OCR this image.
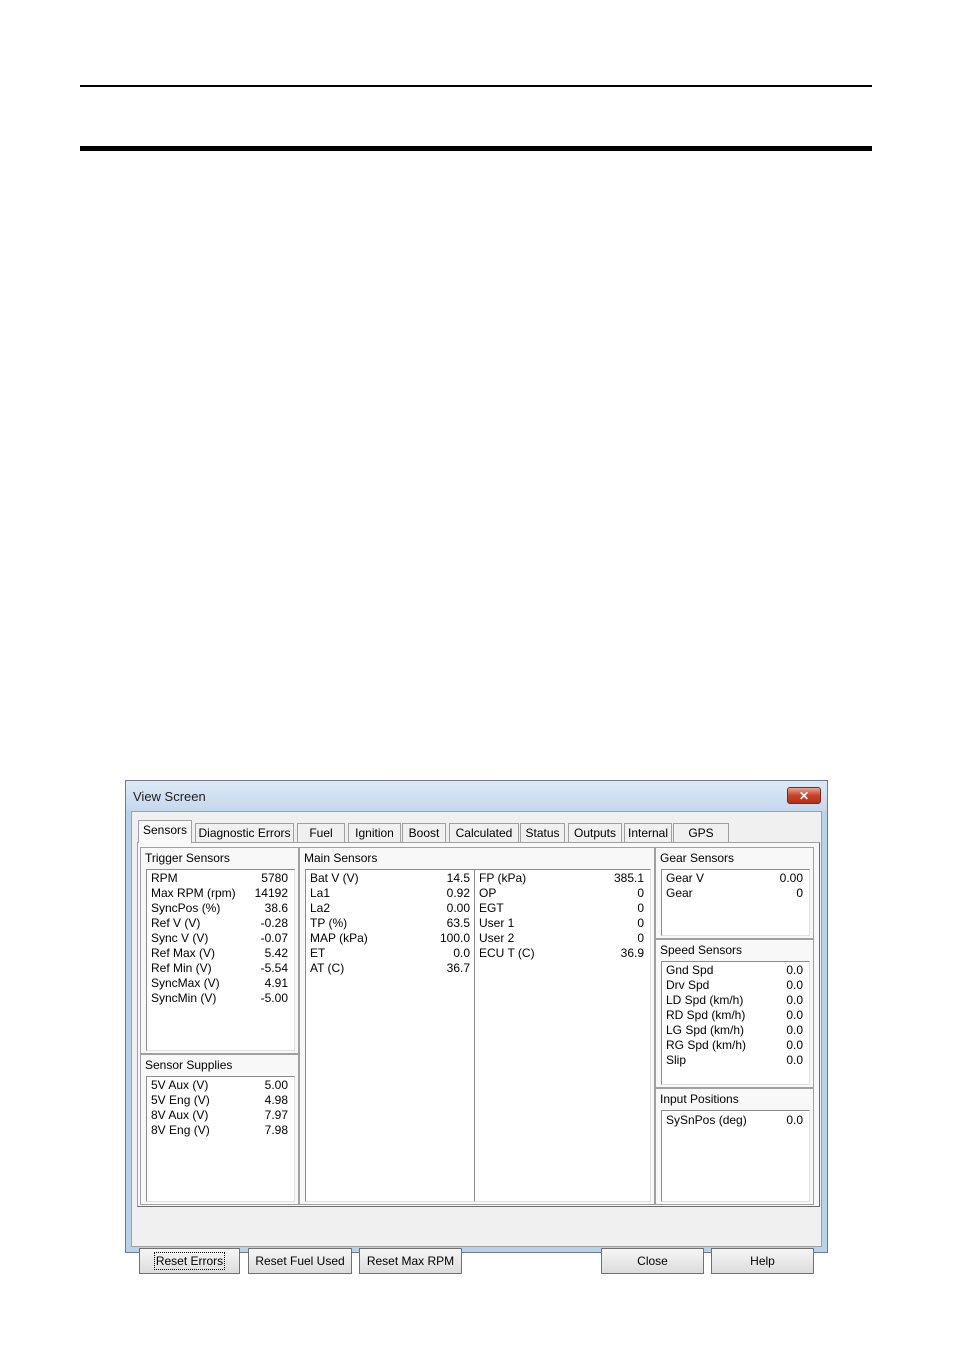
View Screen	✕
Sensors Diagnostic Errors	Fuel	Ignition	Boost	Calculated	Status	Outputs Internal	GPS
Trigger Sensors
RPM	5780
Max RPM (rpm) 14192
SyncPos (%)	38.6
Ref V (V)	-0.28
Sync V (V)	-0.07
Ref Max (V)	5.42
Ref Min (V)	-5.54
SyncMax (V)	4.91
SyncMin (V)	-5.00
Sensor Supplies
5V Aux (V)	5.00
5V Eng (V)	4.98
8V Aux (V)	7.97
8V Eng (V)	7.98
Main Sensors
Bat V (V)	14.5
La1	0.92
La2	0.00
TP (%)	63.5
MAP (kPa)	100.0
ET	0.0
AT (C)	36.7
FP (kPa)	385.1
OP	0
EGT	0
User 1	0
User 2	0
ECU T (C)	36.9
Gear Sensors
Gear V	0.00
Gear	0
Speed Sensors
Gnd Spd	0.0
Drv Spd	0.0
LD Spd (km/h)	0.0
RD Spd (km/h)	0.0
LG Spd (km/h)	0.0
RG Spd (km/h)	0.0
Slip	0.0
Input Positions
SySnPos (deg)	0.0
Reset Errors	Reset Fuel Used	Reset Max RPM	Close	Help
